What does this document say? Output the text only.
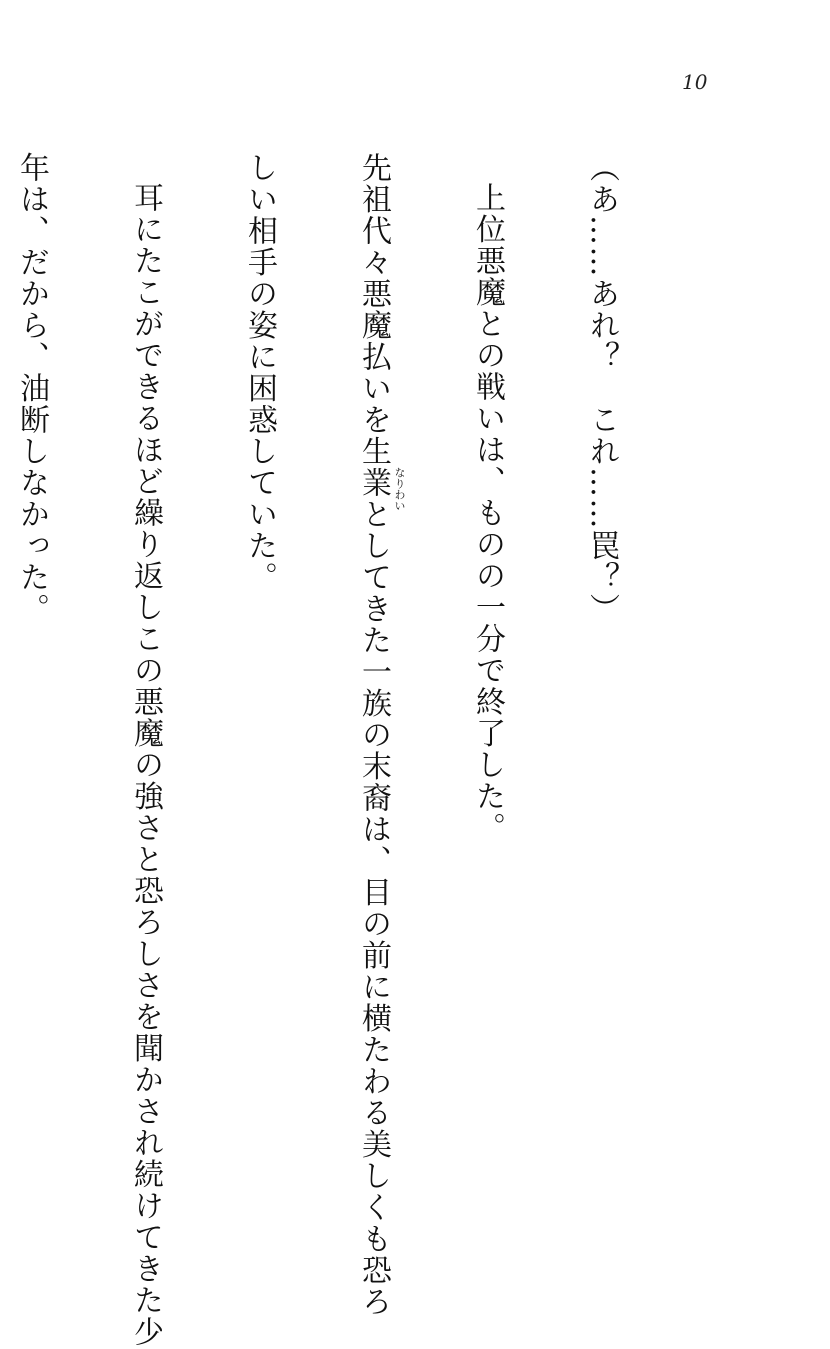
10

（あ……あれ？　これ……罠？）

上位悪魔との戦いは、ものの一分で終了した。

先祖代々悪魔払いを生業 なりわい
としてきた一族の末裔は、目の前に横たわる美しくも恐ろ

しい相手の姿に困惑していた。

耳にたこができるほど繰り返しこの悪魔の強さと恐ろしさを聞かされ続けてきた少

年は、だから、油断しなかった。
